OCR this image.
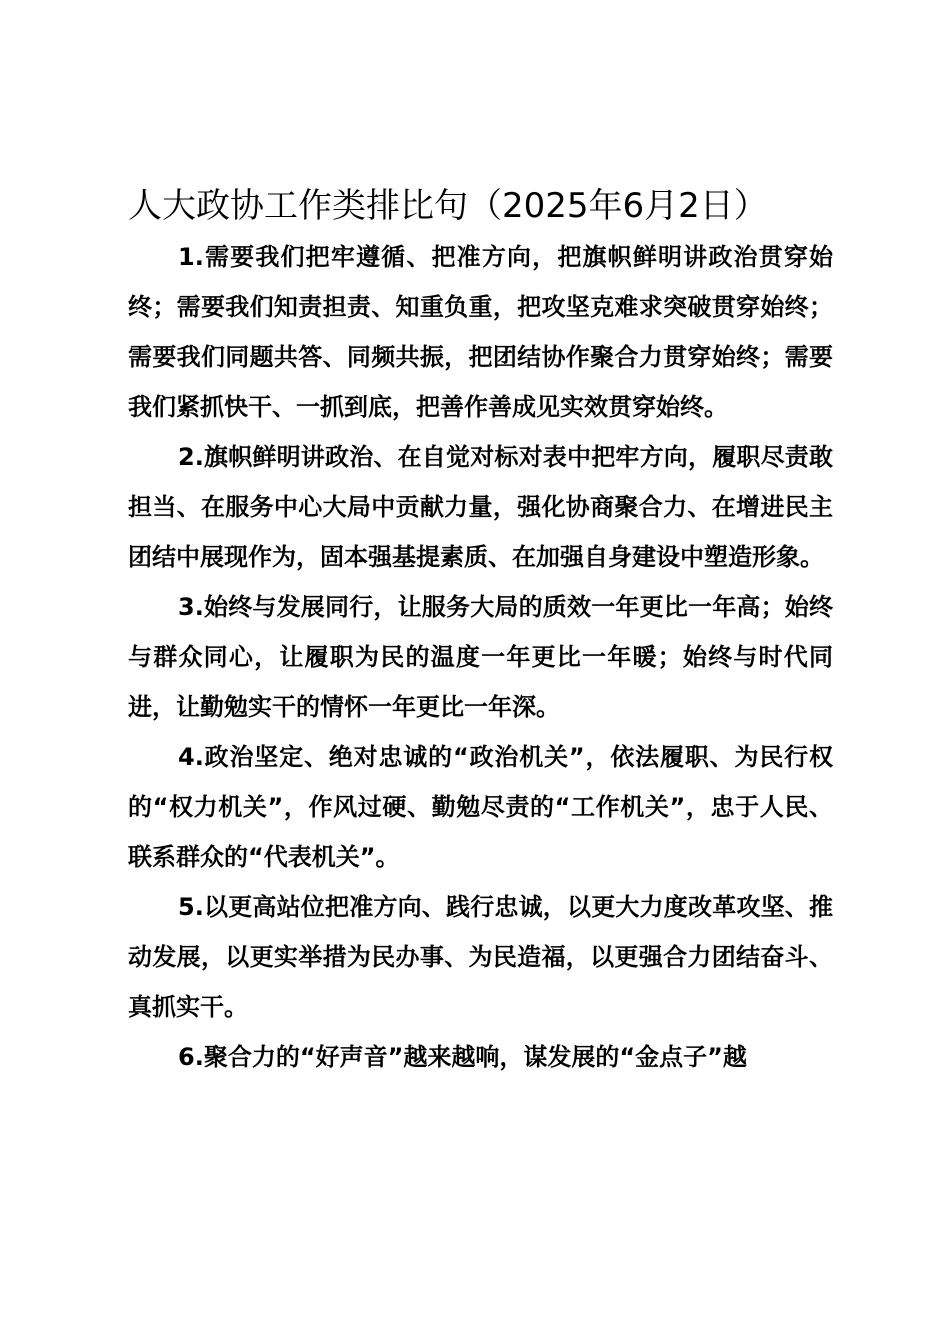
人大政协工作类排比句（2025年6月2日）

1.需要我们把牢遵循、把准方向，把旗帜鲜明讲政治贯穿始终；需要我们知责担责、知重负重，把攻坚克难求突破贯穿始终；需要我们同题共答、同频共振，把团结协作聚合力贯穿始终；需要我们紧抓快干、一抓到底，把善作善成见实效贯穿始终。

2.旗帜鲜明讲政治、在自觉对标对表中把牢方向，履职尽责敢担当、在服务中心大局中贡献力量，强化协商聚合力、在增进民主团结中展现作为，固本强基提素质、在加强自身建设中塑造形象。

3.始终与发展同行，让服务大局的质效一年更比一年高；始终与群众同心，让履职为民的温度一年更比一年暖；始终与时代同进，让勤勉实干的情怀一年更比一年深。

4.政治坚定、绝对忠诚的“政治机关”，依法履职、为民行权的“权力机关”，作风过硬、勤勉尽责的“工作机关”，忠于人民、联系群众的“代表机关”。

5.以更高站位把准方向、践行忠诚，以更大力度改革攻坚、推动发展，以更实举措为民办事、为民造福，以更强合力团结奋斗、真抓实干。

6.聚合力的“好声音”越来越响，谋发展的“金点子”越
